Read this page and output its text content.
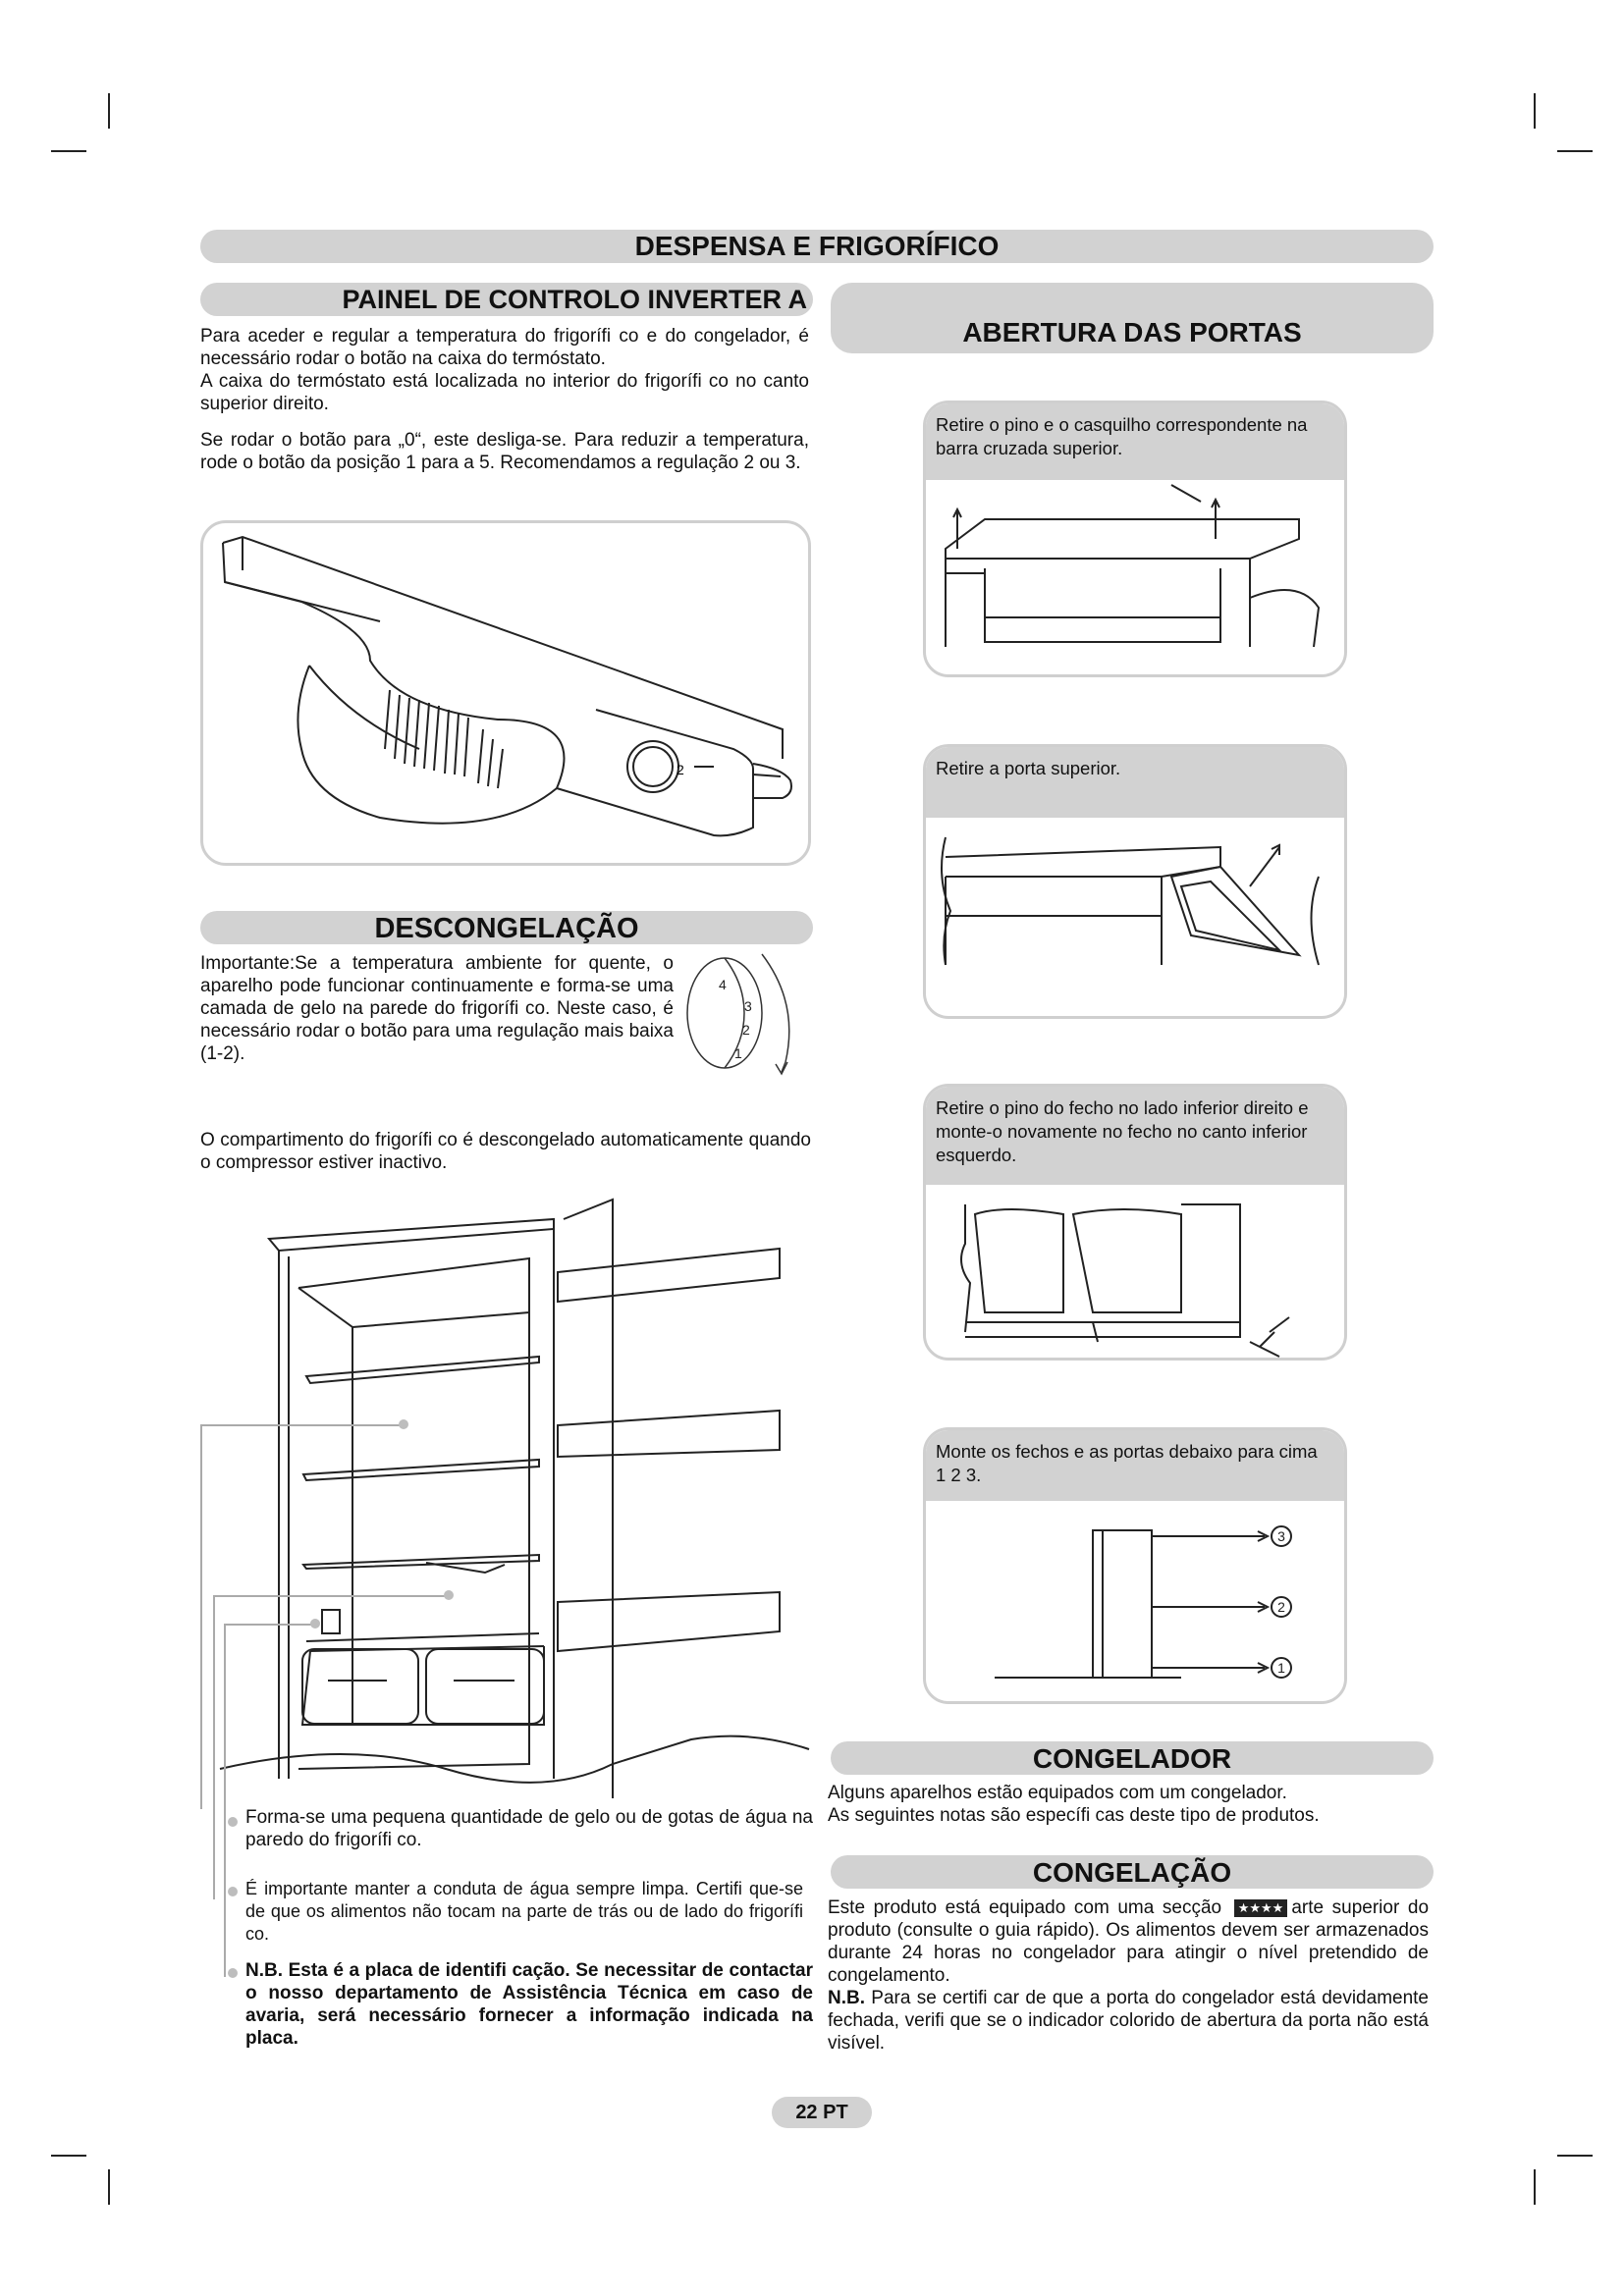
DESPENSA E FRIGORÍFICO
PAINEL DE CONTROLO INVERTER A
Para aceder e regular a temperatura do frigorífi co e do congelador, é necessário rodar o botão na caixa do termóstato.
A caixa do termóstato está localizada no interior do frigorífi co no canto superior direito.
Se rodar o botão para „0“, este desliga-se. Para reduzir a temperatura, rode o botão da posição 1 para a 5. Recomendamos a regulação 2 ou 3.
2
DESCONGELAÇÃO
Importante:Se a temperatura ambiente for quente, o aparelho pode funcionar continuamente e forma-se uma camada de gelo na parede do frigorífi co. Neste caso, é necessário rodar o botão para uma regulação mais baixa (1-2).
4
3
2
1
O compartimento do frigorífi co é descongelado automaticamente quando o compressor estiver inactivo.
Forma-se uma pequena quantidade de gelo ou de gotas de água na paredo do frigorífi co.
É importante manter a conduta de água sempre limpa. Certifi que-se de que os alimentos não tocam na parte de trás ou de lado do frigorífi co.
N.B. Esta é a placa de identifi cação. Se necessitar de contactar o nosso departamento de Assistência Técnica em caso de avaria, será necessário fornecer a informação indicada na placa.
ABERTURA DAS PORTAS
Retire o pino e o casquilho correspondente na barra cruzada superior.
Retire a porta superior.
Retire o pino do fecho no lado inferior direito e monte-o novamente no fecho no canto inferior esquerdo.
Monte os fechos e as portas debaixo para cima
1 2 3.
3
2
1
CONGELADOR
Alguns aparelhos estão equipados com um congelador.
As seguintes notas são específi cas deste tipo de produtos.
CONGELAÇÃO
Este produto está equipado com uma secção ★★★★ arte superior do produto (consulte o guia rápido). Os alimentos devem ser armazenados durante 24 horas no congelador para atingir o nível pretendido de congelamento.
N.B. Para se certifi car de que a porta do congelador está devidamente fechada, verifi que se o indicador colorido de abertura da porta não está visível.
22 PT
